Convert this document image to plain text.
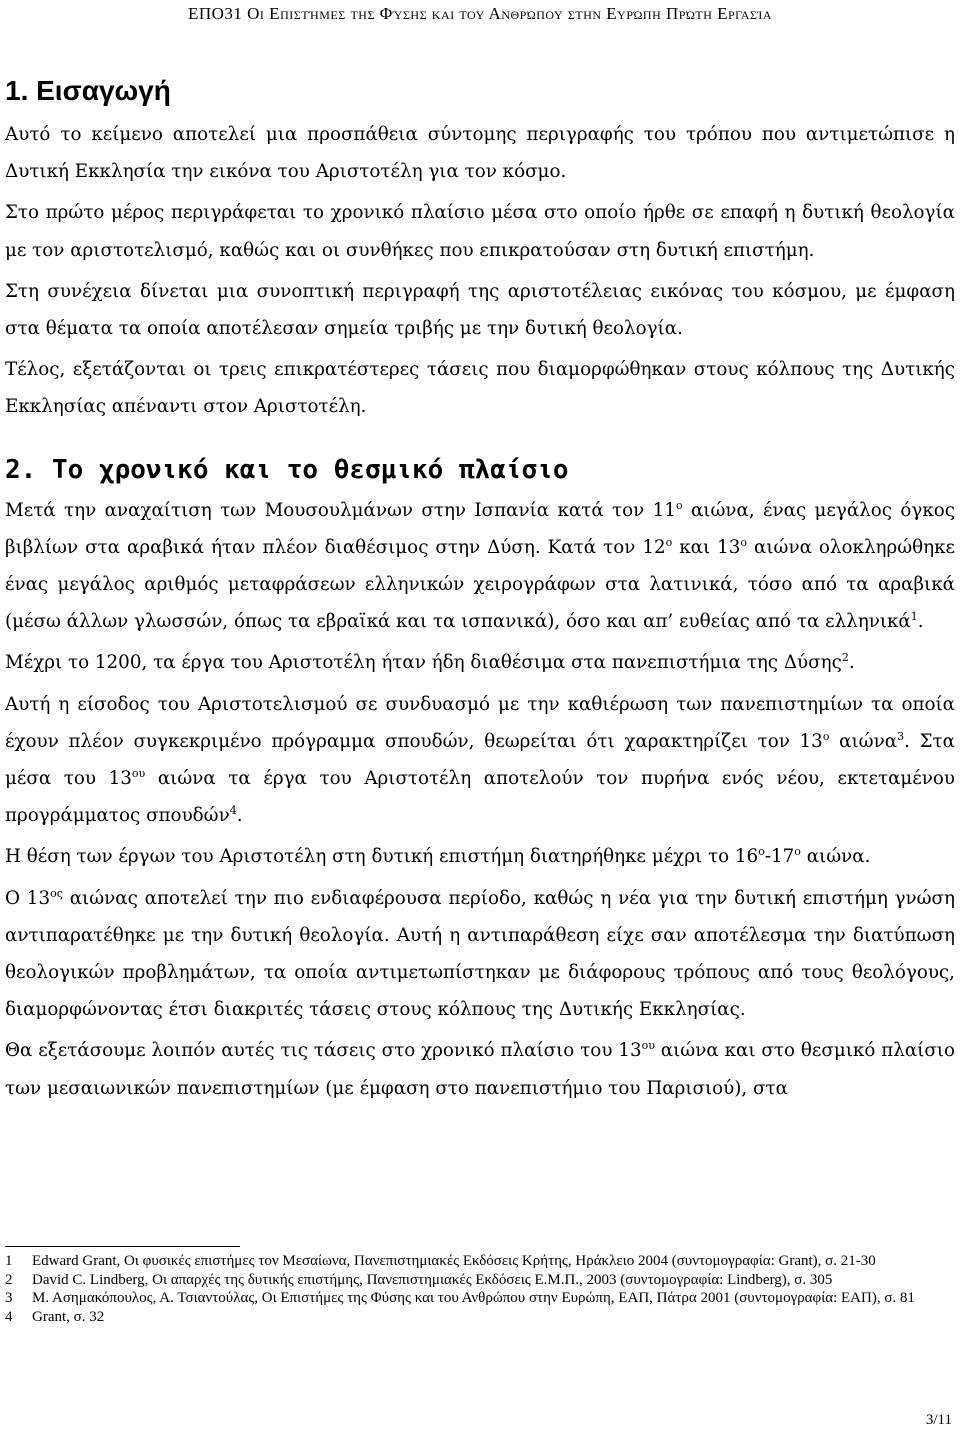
ΕΠΟ31 Οι Επιστήμες της Φύσης και του Ανθρώπου στην Ευρώπη Πρώτη Εργασία
1. Εισαγωγή

Αυτό το κείμενο αποτελεί μια προσπάθεια σύντομης περιγραφής του τρόπου που αντιμετώπισε η Δυτική Εκκλησία την εικόνα του Αριστοτέλη για τον κόσμο.

Στο πρώτο μέρος περιγράφεται το χρονικό πλαίσιο μέσα στο οποίο ήρθε σε επαφή η δυτική θεολογία με τον αριστοτελισμό, καθώς και οι συνθήκες που επικρατούσαν στη δυτική επιστήμη.

Στη συνέχεια δίνεται μια συνοπτική περιγραφή της αριστοτέλειας εικόνας του κόσμου, με έμφαση στα θέματα τα οποία αποτέλεσαν σημεία τριβής με την δυτική θεολογία.

Τέλος, εξετάζονται οι τρεις επικρατέστερες τάσεις που διαμορφώθηκαν στους κόλπους της Δυτικής Εκκλησίας απέναντι στον Αριστοτέλη.

2. Το χρονικό και το θεσμικό πλαίσιο

Μετά την αναχαίτιση των Μουσουλμάνων στην Ισπανία κατά τον $11^o$ αιώνα, ένας μεγάλος όγκος βιβλίων στα αραβικά ήταν πλέον διαθέσιμος στην Δύση. Κατά τον $12^o$ και $13^o$ αιώνα ολοκληρώθηκε ένας μεγάλος αριθμός μεταφράσεων ελληνικών χειρογράφων στα λατινικά, τόσο από τα αραβικά (μέσω άλλων γλωσσών, όπως τα εβραϊκά και τα ισπανικά), όσο και απ’ ευθείας από τα ελληνικά$^1$.

Μέχρι το 1200, τα έργα του Αριστοτέλη ήταν ήδη διαθέσιμα στα πανεπιστήμια της Δύσης$^2$.

Αυτή η είσοδος του Αριστοτελισμού σε συνδυασμό με την καθιέρωση των πανεπιστημίων τα οποία έχουν πλέον συγκεκριμένο πρόγραμμα σπουδών, θεωρείται ότι χαρακτηρίζει τον $13^o$ αιώνα$^3$. Στα μέσα του $13^{o\upsilon}$ αιώνα τα έργα του Αριστοτέλη αποτελούν τον πυρήνα ενός νέου, εκτεταμένου προγράμματος σπουδών$^4$.

Η θέση των έργων του Αριστοτέλη στη δυτική επιστήμη διατηρήθηκε μέχρι το $16^o-17^o$ αιώνα.

Ο $13^{o\varsigma}$ αιώνας αποτελεί την πιο ενδιαφέρουσα περίοδο, καθώς η νέα για την δυτική επιστήμη γνώση αντιπαρατέθηκε με την δυτική θεολογία. Αυτή η αντιπαράθεση είχε σαν αποτέλεσμα την διατύπωση θεολογικών προβλημάτων, τα οποία αντιμετωπίστηκαν με διάφορους τρόπους από τους θεολόγους, διαμορφώνοντας έτσι διακριτές τάσεις στους κόλπους της Δυτικής Εκκλησίας.

Θα εξετάσουμε λοιπόν αυτές τις τάσεις στο χρονικό πλαίσιο του $13^{o\upsilon}$ αιώνα και στο θεσμικό πλαίσιο των μεσαιωνικών πανεπιστημίων (με έμφαση στο πανεπιστήμιο του Παρισιού), στα

1	Edward Grant, Οι φυσικές επιστήμες τον Μεσαίωνα, Πανεπιστημιακές Εκδόσεις Κρήτης, Ηράκλειο 2004 (συντομογραφία: Grant), σ. 21-30
2	David C. Lindberg, Οι απαρχές της δυτικής επιστήμης, Πανεπιστημιακές Εκδόσεις Ε.Μ.Π., 2003 (συντομογραφία: Lindberg), σ. 305
3	Μ. Ασημακόπουλος, Α. Τσιαντούλας, Οι Επιστήμες της Φύσης και του Ανθρώπου στην Ευρώπη, ΕΑΠ, Πάτρα 2001 (συντομογραφία: ΕΑΠ), σ. 81
4	Grant, σ. 32
3/11
